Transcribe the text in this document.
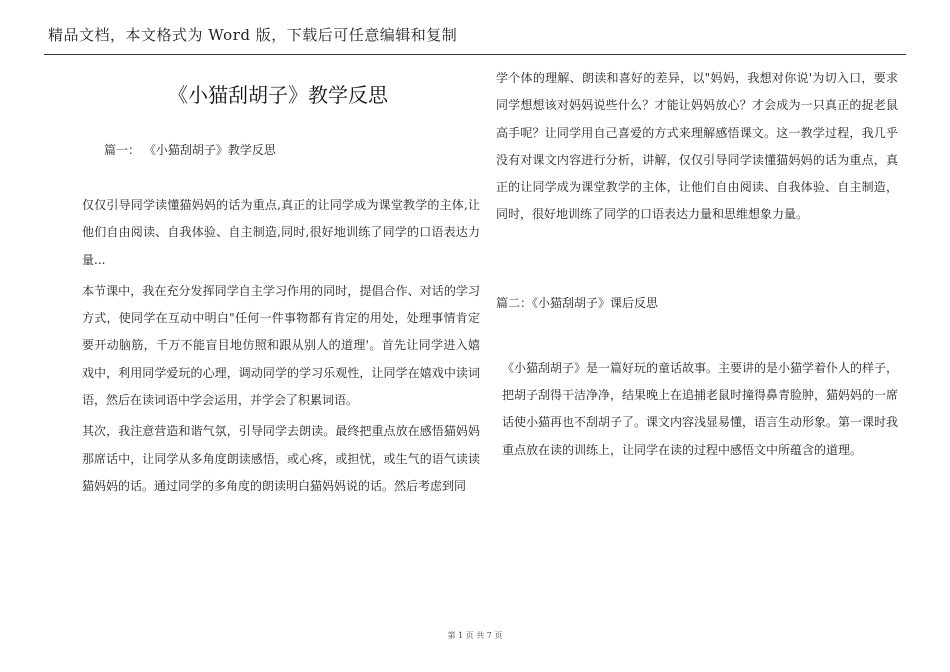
精品文档，本文格式为 Word 版，下载后可任意编辑和复制
《小猫刮胡子》教学反思
篇一： 《小猫刮胡子》教学反思

仅仅引导同学读懂猫妈妈的话为重点,真正的让同学成为课堂教学的主体,让他们自由阅读、自我体验、自主制造,同时,很好地训练了同学的口语表达力量...

本节课中，我在充分发挥同学自主学习作用的同时，提倡合作、对话的学习方式，使同学在互动中明白"任何一件事物都有肯定的用处，处理事情肯定要开动脑筋，千万不能盲目地仿照和跟从别人的道理'。首先让同学进入嬉戏中，利用同学爱玩的心理，调动同学的学习乐观性，让同学在嬉戏中读词语，然后在读词语中学会运用，并学会了积累词语。

其次，我注意营造和谐气氛，引导同学去朗读。最终把重点放在感悟猫妈妈那席话中，让同学从多角度朗读感悟，或心疼，或担忧，或生气的语气读读猫妈妈的话。通过同学的多角度的朗读明白猫妈妈说的话。然后考虑到同

学个体的理解、朗读和喜好的差异，以"妈妈，我想对你说'为切入口，要求同学想想该对妈妈说些什么？才能让妈妈放心？才会成为一只真正的捉老鼠高手呢？让同学用自己喜爱的方式来理解感悟课文。这一教学过程，我几乎没有对课文内容进行分析，讲解，仅仅引导同学读懂猫妈妈的话为重点，真正的让同学成为课堂教学的主体，让他们自由阅读、自我体验、自主制造，同时，很好地训练了同学的口语表达力量和思维想象力量。

篇二：《小猫刮胡子》课后反思

《小猫刮胡子》是一篇好玩的童话故事。主要讲的是小猫学着仆人的样子，把胡子刮得干洁净净，结果晚上在追捕老鼠时撞得鼻青脸肿，猫妈妈的一席话使小猫再也不刮胡子了。课文内容浅显易懂，语言生动形象。第一课时我重点放在读的训练上，让同学在读的过程中感悟文中所蕴含的道理。

第 1 页 共 7 页
